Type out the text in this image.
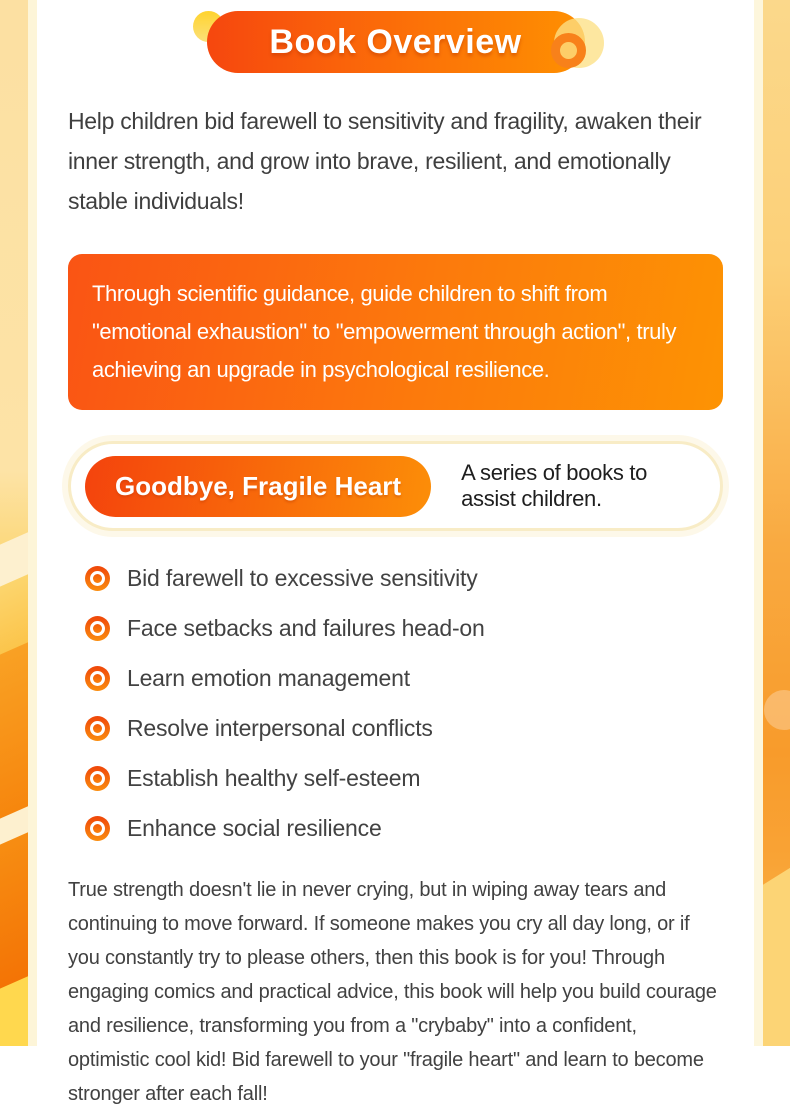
Book Overview

Help children bid farewell to sensitivity and fragility, awaken their inner strength, and grow into brave, resilient, and emotionally stable individuals!

Through scientific guidance, guide children to shift from "emotional exhaustion" to "empowerment through action", truly achieving an upgrade in psychological resilience.
Goodbye, Fragile Heart	A series of books to assist children.
Bid farewell to excessive sensitivity
Face setbacks and failures head-on
Learn emotion management
Resolve interpersonal conflicts
Establish healthy self-esteem
Enhance social resilience

True strength doesn't lie in never crying, but in wiping away tears and continuing to move forward. If someone makes you cry all day long, or if you constantly try to please others, then this book is for you! Through engaging comics and practical advice, this book will help you build courage and resilience, transforming you from a "crybaby" into a confident, optimistic cool kid! Bid farewell to your "fragile heart" and learn to become stronger after each fall!
